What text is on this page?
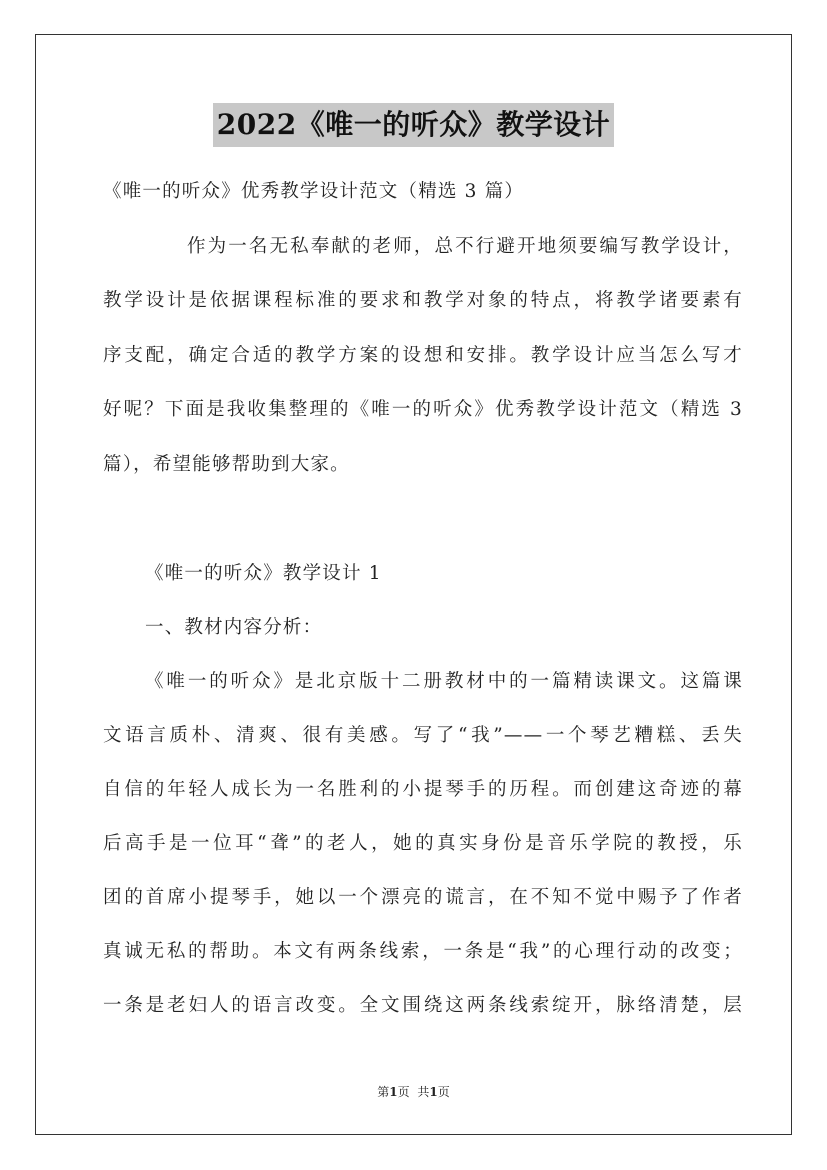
2022《唯一的听众》教学设计
《唯一的听众》优秀教学设计范文（精选 3 篇）
作为一名无私奉献的老师，总不行避开地须要编写教学设计，
教学设计是依据课程标准的要求和教学对象的特点，将教学诸要素有
序支配，确定合适的教学方案的设想和安排。教学设计应当怎么写才
好呢？下面是我收集整理的《唯一的听众》优秀教学设计范文（精选 3
篇），希望能够帮助到大家。
《唯一的听众》教学设计 1
一、教材内容分析：
《唯一的听众》是北京版十二册教材中的一篇精读课文。这篇课
文语言质朴、清爽、很有美感。写了“我”——一个琴艺糟糕、丢失
自信的年轻人成长为一名胜利的小提琴手的历程。而创建这奇迹的幕
后高手是一位耳“聋”的老人，她的真实身份是音乐学院的教授，乐
团的首席小提琴手，她以一个漂亮的谎言，在不知不觉中赐予了作者
真诚无私的帮助。本文有两条线索，一条是“我”的心理行动的改变；
一条是老妇人的语言改变。全文围绕这两条线索绽开，脉络清楚，层
第1页 共1页
